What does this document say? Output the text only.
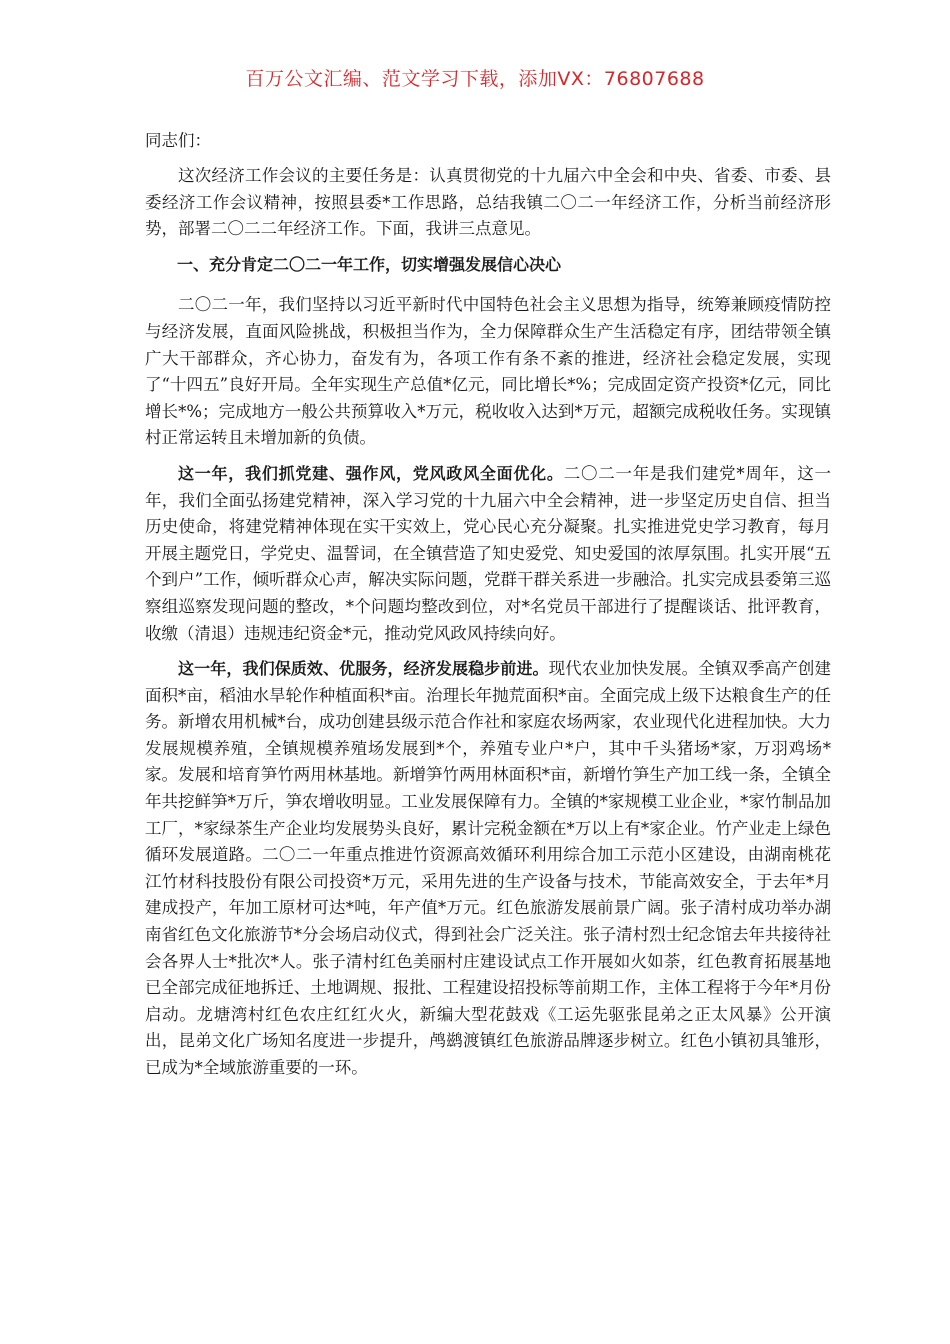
百万公文汇编、范文学习下载，添加VX：76807688
同志们：

这次经济工作会议的主要任务是：认真贯彻党的十九届六中全会和中央、省委、市委、县委经济工作会议精神，按照县委*工作思路，总结我镇二〇二一年经济工作，分析当前经济形势，部署二〇二二年经济工作。下面，我讲三点意见。

一、充分肯定二〇二一年工作，切实增强发展信心决心

二〇二一年，我们坚持以习近平新时代中国特色社会主义思想为指导，统筹兼顾疫情防控与经济发展，直面风险挑战，积极担当作为，全力保障群众生产生活稳定有序，团结带领全镇广大干部群众，齐心协力，奋发有为，各项工作有条不紊的推进，经济社会稳定发展，实现了“十四五”良好开局。全年实现生产总值*亿元，同比增长*%；完成固定资产投资*亿元，同比增长*%；完成地方一般公共预算收入*万元，税收收入达到*万元，超额完成税收任务。实现镇村正常运转且未增加新的负债。

这一年，我们抓党建、强作风，党风政风全面优化。二〇二一年是我们建党*周年，这一年，我们全面弘扬建党精神，深入学习党的十九届六中全会精神，进一步坚定历史自信、担当历史使命，将建党精神体现在实干实效上，党心民心充分凝聚。扎实推进党史学习教育，每月开展主题党日，学党史、温誓词，在全镇营造了知史爱党、知史爱国的浓厚氛围。扎实开展“五个到户”工作，倾听群众心声，解决实际问题，党群干群关系进一步融洽。扎实完成县委第三巡察组巡察发现问题的整改，*个问题均整改到位，对*名党员干部进行了提醒谈话、批评教育，收缴（清退）违规违纪资金*元，推动党风政风持续向好。

这一年，我们保质效、优服务，经济发展稳步前进。现代农业加快发展。全镇双季高产创建面积*亩，稻油水旱轮作种植面积*亩。治理长年抛荒面积*亩。全面完成上级下达粮食生产的任务。新增农用机械*台，成功创建县级示范合作社和家庭农场两家，农业现代化进程加快。大力发展规模养殖，全镇规模养殖场发展到*个，养殖专业户*户，其中千头猪场*家，万羽鸡场*家。发展和培育笋竹两用林基地。新增笋竹两用林面积*亩，新增竹笋生产加工线一条，全镇全年共挖鲜笋*万斤，笋农增收明显。工业发展保障有力。全镇的*家规模工业企业，*家竹制品加工厂，*家绿茶生产企业均发展势头良好，累计完税金额在*万以上有*家企业。竹产业走上绿色循环发展道路。二〇二一年重点推进竹资源高效循环利用综合加工示范小区建设，由湖南桃花江竹材科技股份有限公司投资*万元，采用先进的生产设备与技术，节能高效安全，于去年*月建成投产，年加工原材可达*吨，年产值*万元。红色旅游发展前景广阔。张子清村成功举办湖南省红色文化旅游节*分会场启动仪式，得到社会广泛关注。张子清村烈士纪念馆去年共接待社会各界人士*批次*人。张子清村红色美丽村庄建设试点工作开展如火如荼，红色教育拓展基地已全部完成征地拆迁、土地调规、报批、工程建设招投标等前期工作，主体工程将于今年*月份启动。龙塘湾村红色农庄红红火火，新编大型花鼓戏《工运先驱张昆弟之正太风暴》公开演出，昆弟文化广场知名度进一步提升，鸬鹚渡镇红色旅游品牌逐步树立。红色小镇初具雏形，已成为*全域旅游重要的一环。
